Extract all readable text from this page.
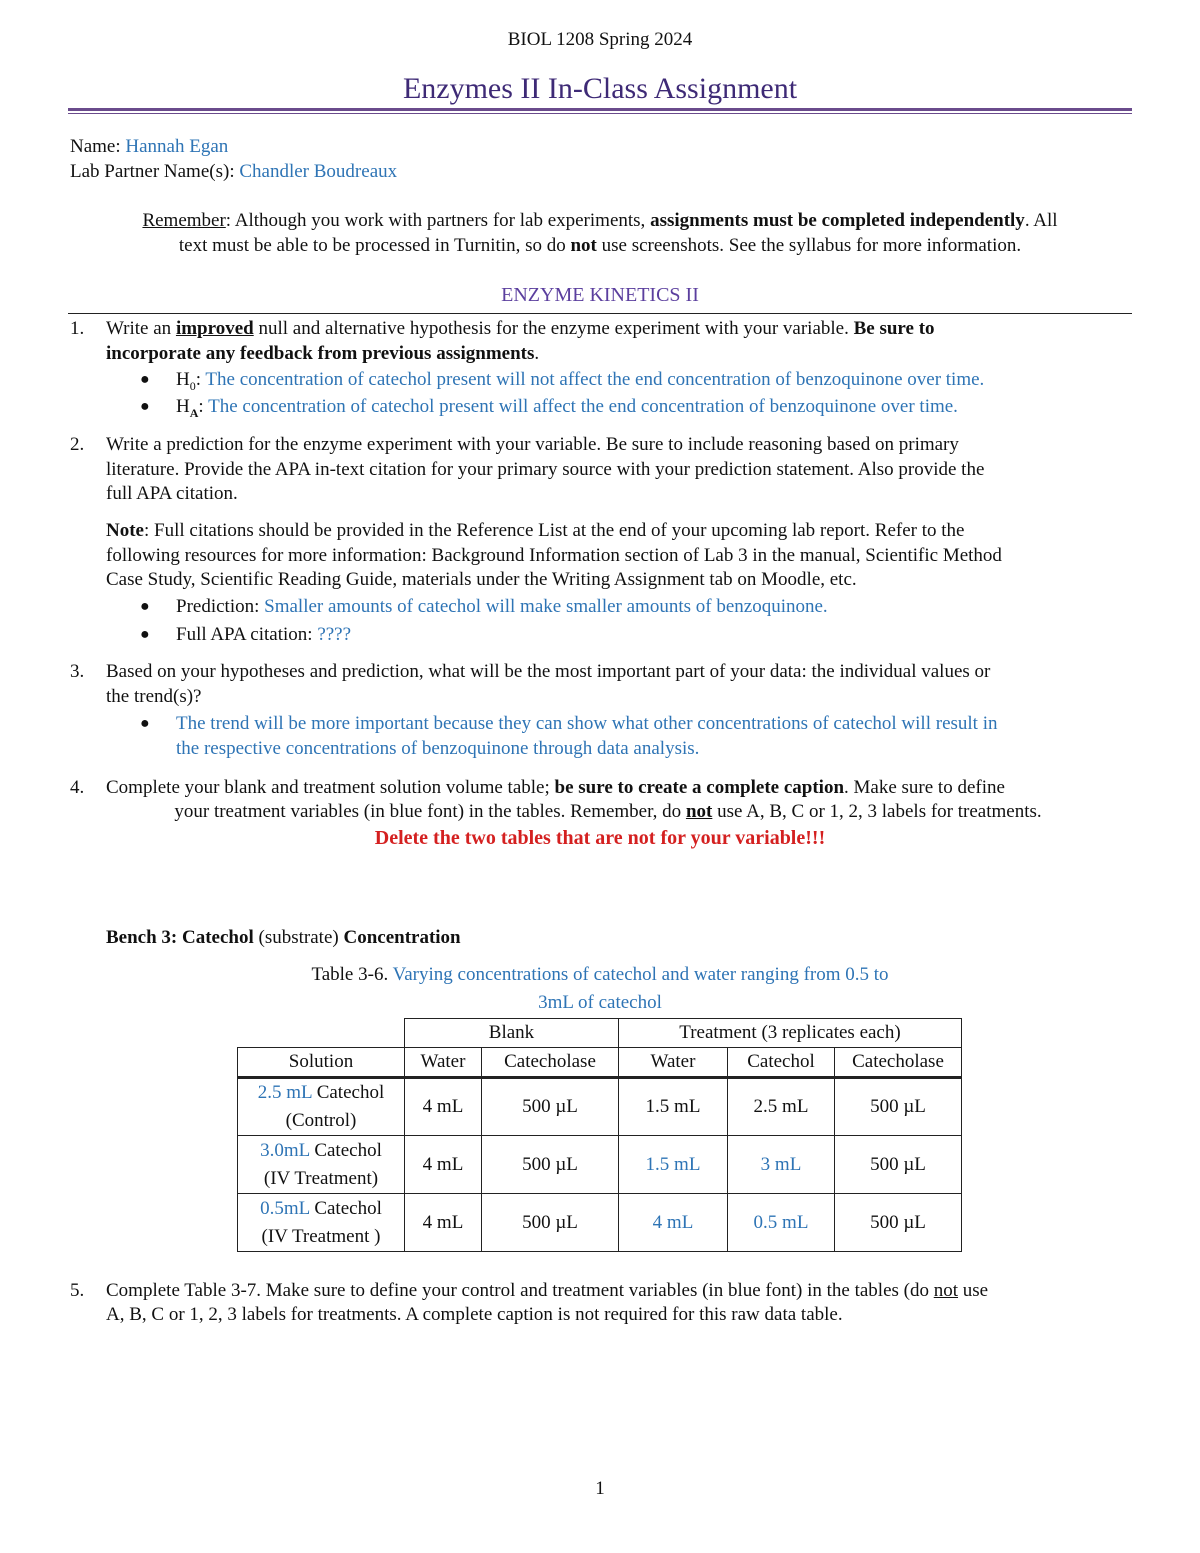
BIOL 1208 Spring 2024
Enzymes II In-Class Assignment
Name: Hannah Egan
Lab Partner Name(s): Chandler Boudreaux
Remember: Although you work with partners for lab experiments, assignments must be completed independently. All
text must be able to be processed in Turnitin, so do not use screenshots. See the syllabus for more information.
ENZYME KINETICS II
1. Write an improved null and alternative hypothesis for the enzyme experiment with your variable. Be sure to
incorporate any feedback from previous assignments.
● $H_0$: The concentration of catechol present will not affect the end concentration of benzoquinone over time.
● $H_A$: The concentration of catechol present will affect the end concentration of benzoquinone over time.
2. Write a prediction for the enzyme experiment with your variable. Be sure to include reasoning based on primary
literature. Provide the APA in-text citation for your primary source with your prediction statement. Also provide the
full APA citation.
Note: Full citations should be provided in the Reference List at the end of your upcoming lab report. Refer to the
following resources for more information: Background Information section of Lab 3 in the manual, Scientific Method
Case Study, Scientific Reading Guide, materials under the Writing Assignment tab on Moodle, etc.
● Prediction: Smaller amounts of catechol will make smaller amounts of benzoquinone.
● Full APA citation: ????
3. Based on your hypotheses and prediction, what will be the most important part of your data: the individual values or
the trend(s)?
● The trend will be more important because they can show what other concentrations of catechol will result in
the respective concentrations of benzoquinone through data analysis.
4. Complete your blank and treatment solution volume table; be sure to create a complete caption. Make sure to define
your treatment variables (in blue font) in the tables. Remember, do not use A, B, C or 1, 2, 3 labels for treatments.
Delete the two tables that are not for your variable!!!
Bench 3: Catechol (substrate) Concentration
Table 3-6. Varying concentrations of catechol and water ranging from 0.5 to
3mL of catechol
	Blank		Treatment (3 replicates each)		
Solution	Water	Catecholase	Water	Catechol	Catecholase
2.5 mL Catechol
(Control)	4 mL	500 µL	1.5 mL	2.5 mL	500 µL
3.0mL Catechol
(IV Treatment)	4 mL	500 µL	1.5 mL	3 mL	500 µL
0.5mL Catechol
(IV Treatment )	4 mL	500 µL	4 mL	0.5 mL	500 µL
5. Complete Table 3-7. Make sure to define your control and treatment variables (in blue font) in the tables (do not use
A, B, C or 1, 2, 3 labels for treatments. A complete caption is not required for this raw data table.
1
